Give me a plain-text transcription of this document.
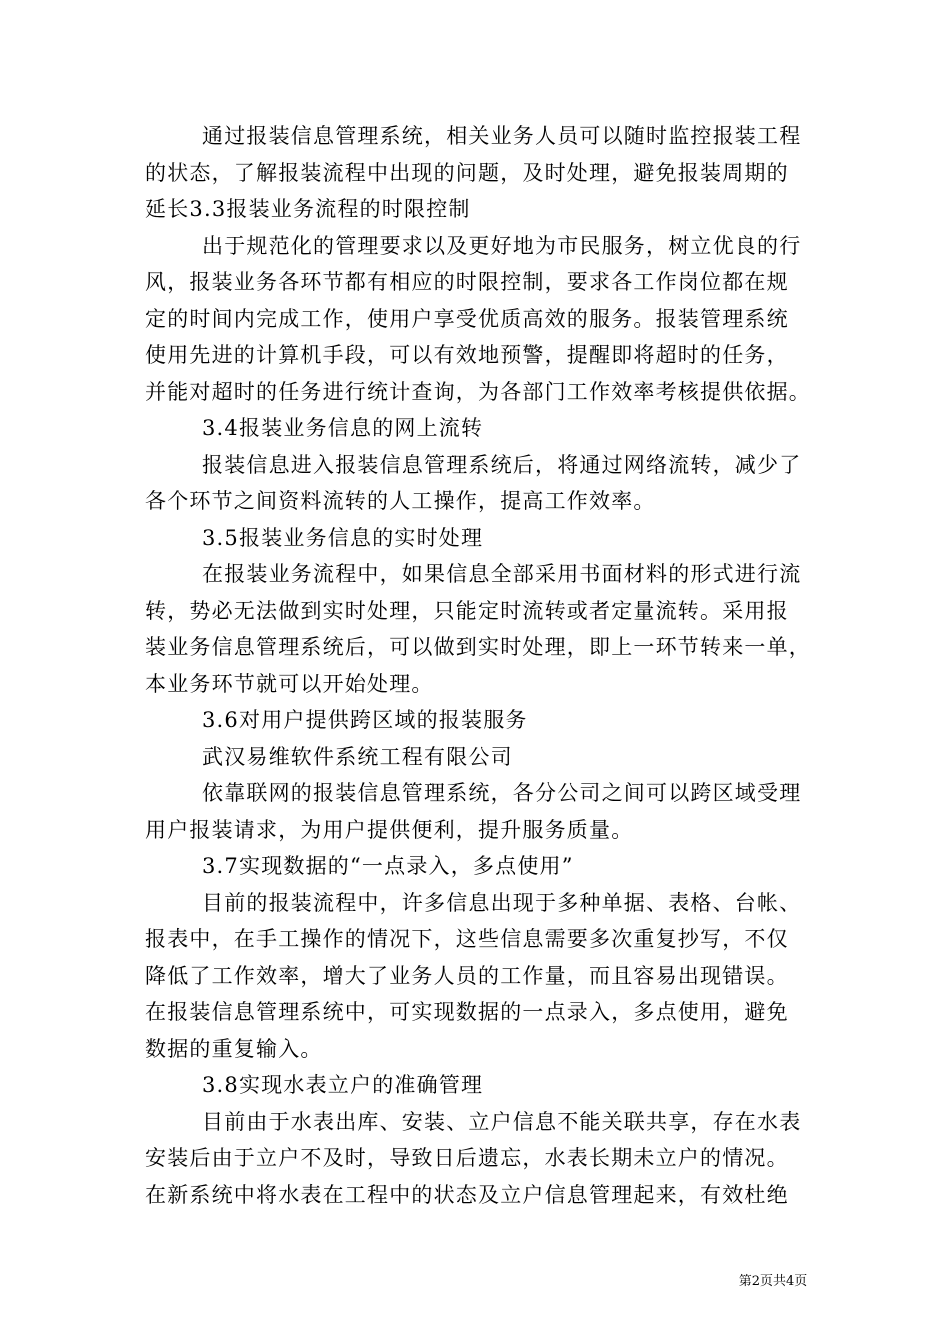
通过报装信息管理系统，相关业务人员可以随时监控报装工程
的状态，了解报装流程中出现的问题，及时处理，避免报装周期的
延长3.3报装业务流程的时限控制
出于规范化的管理要求以及更好地为市民服务，树立优良的行
风，报装业务各环节都有相应的时限控制，要求各工作岗位都在规
定的时间内完成工作，使用户享受优质高效的服务。报装管理系统
使用先进的计算机手段，可以有效地预警，提醒即将超时的任务，
并能对超时的任务进行统计查询，为各部门工作效率考核提供依据。
3.4报装业务信息的网上流转
报装信息进入报装信息管理系统后，将通过网络流转，减少了
各个环节之间资料流转的人工操作，提高工作效率。
3.5报装业务信息的实时处理
在报装业务流程中，如果信息全部采用书面材料的形式进行流
转，势必无法做到实时处理，只能定时流转或者定量流转。采用报
装业务信息管理系统后，可以做到实时处理，即上一环节转来一单，
本业务环节就可以开始处理。
3.6对用户提供跨区域的报装服务
武汉易维软件系统工程有限公司
依靠联网的报装信息管理系统，各分公司之间可以跨区域受理
用户报装请求，为用户提供便利，提升服务质量。
3.7实现数据的“一点录入，多点使用”
目前的报装流程中，许多信息出现于多种单据、表格、台帐、
报表中，在手工操作的情况下，这些信息需要多次重复抄写，不仅
降低了工作效率，增大了业务人员的工作量，而且容易出现错误。
在报装信息管理系统中，可实现数据的一点录入，多点使用，避免
数据的重复输入。
3.8实现水表立户的准确管理
目前由于水表出库、安装、立户信息不能关联共享，存在水表
安装后由于立户不及时，导致日后遗忘，水表长期未立户的情况。
在新系统中将水表在工程中的状态及立户信息管理起来，有效杜绝
第2页共4页
